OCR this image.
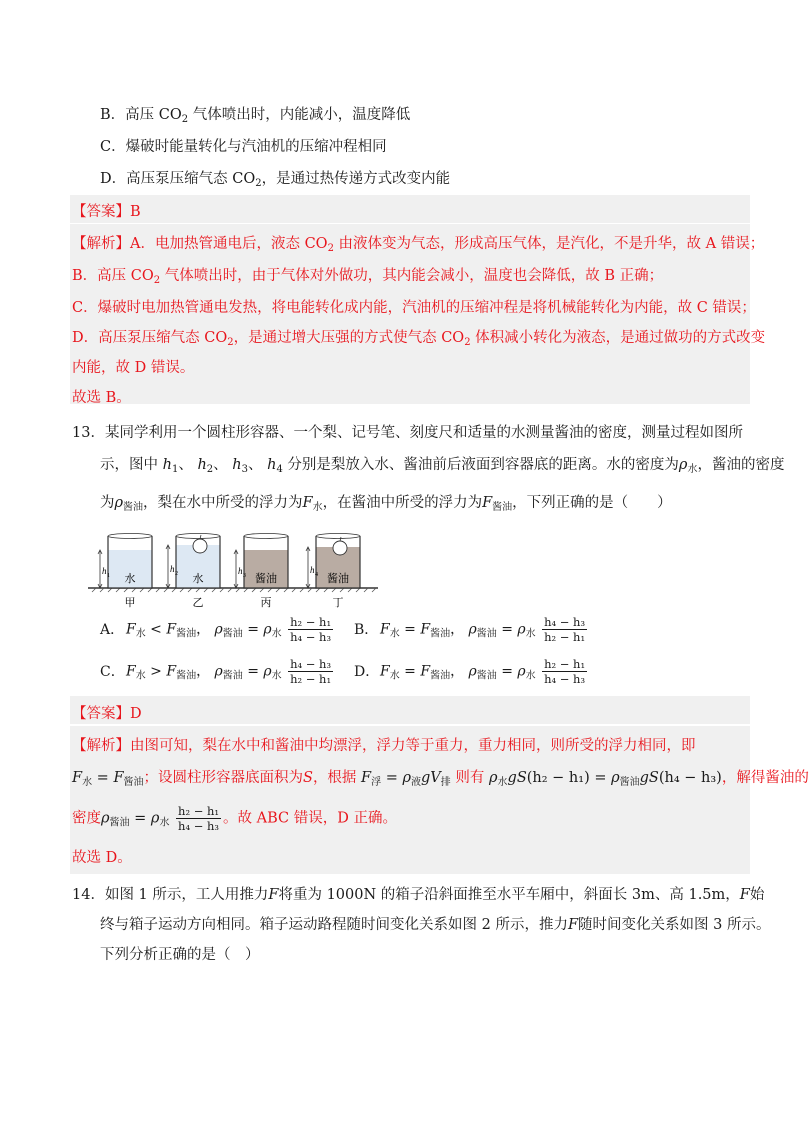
B．高压 $CO_2$ 气体喷出时，内能减小，温度降低
C．爆破时能量转化与汽油机的压缩冲程相同
D．高压泵压缩气态 $CO_2$，是通过热传递方式改变内能
【答案】B
【解析】A．电加热管通电后，液态 $CO_2$ 由液体变为气态，形成高压气体，是汽化，不是升华，故 A 错误；
B．高压 $CO_2$ 气体喷出时，由于气体对外做功，其内能会减小，温度也会降低，故 B 正确；
C．爆破时电加热管通电发热，将电能转化成内能，汽油机的压缩冲程是将机械能转化为内能，故 C 错误；
D．高压泵压缩气态 $CO_2$，是通过增大压强的方式使气态 $CO_2$ 体积减小转化为液态，是通过做功的方式改变
内能，故 D 错误。
故选 B。
13．某同学利用一个圆柱形容器、一个梨、记号笔、刻度尺和适量的水测量酱油的密度，测量过程如图所
示，图中 $h_1$、 $h_2$、 $h_3$、 $h_4$ 分别是梨放入水、酱油前后液面到容器底的距离。水的密度为$\rho_水$，酱油的密度
为$\rho_{酱油}$，梨在水中所受的浮力为$F_水$，在酱油中所受的浮力为$F_{酱油}$，下列正确的是（　　）
h 1 水
甲
h 2 水
乙
h 3 酱油
丙
h 4 酱油
丁
A． $F_水 < F_{酱油}$， $\rho_{酱油} = \rho_水 \frac{\text{h₂ − h₁}}{\text{h₄ − h₃}}$ B． $F_水 = F_{酱油}$， $\rho_{酱油} = \rho_水 \frac{\text{h₄ − h₃}}{\text{h₂ − h₁}}$
C．$F_水 > F_{酱油}$， $\rho_{酱油} = \rho_水 \frac{\text{h₄ − h₃}}{\text{h₂ − h₁}}$ D．$F_水 = F_{酱油}$， $\rho_{酱油} = \rho_水 \frac{\text{h₂ − h₁}}{\text{h₄ − h₃}}$
【答案】D
【解析】由图可知，梨在水中和酱油中均漂浮，浮力等于重力，重力相同，则所受的浮力相同，即
$F_水 = F_{酱油}$；设圆柱形容器底面积为S，根据 $F_浮 = \rho_液gV_排$ 则有 $\rho_水gS(h_2 - h_1) = \rho_{酱油}gS(h_4 - h_3)$，解得酱油的
密度$\rho_{酱油} = \rho_水 \frac{\text{h₂ − h₁}}{\text{h₄ − h₃}}$ 。故 ABC 错误，D 正确。
故选 D。
14．如图 1 所示，工人用推力F将重为 1000N 的箱子沿斜面推至水平车厢中，斜面长 3m、高 1.5m，F始
终与箱子运动方向相同。箱子运动路程随时间变化关系如图 2 所示，推力F随时间变化关系如图 3 所示。
下列分析正确的是（　）
